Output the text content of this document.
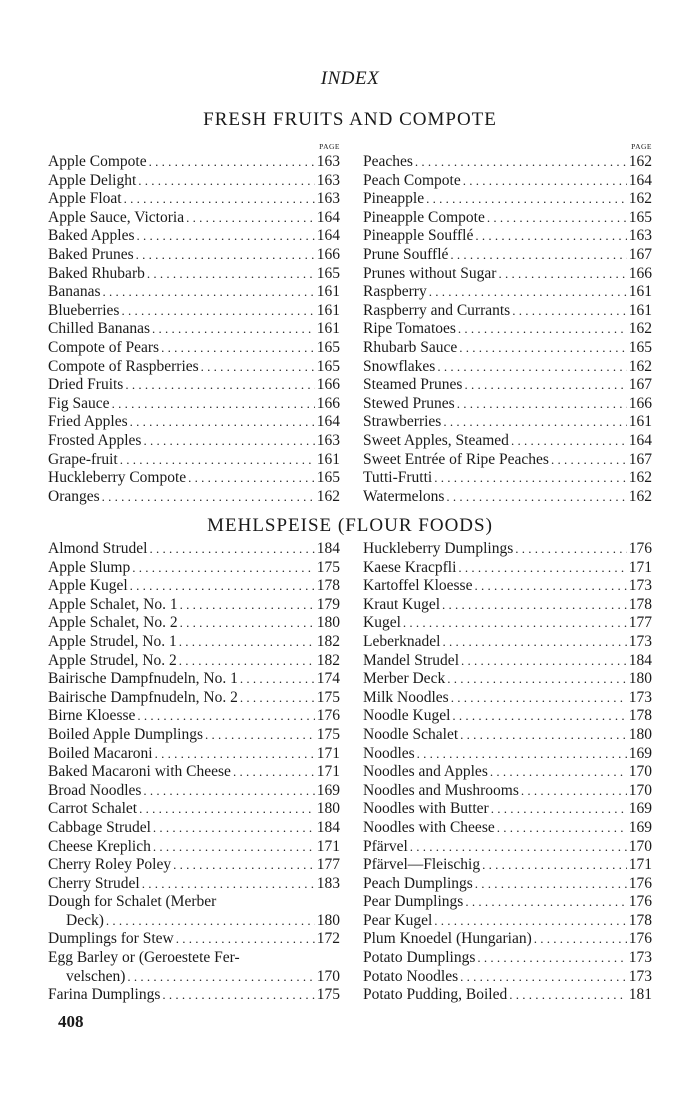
INDEX
FRESH FRUITS AND COMPOTE
PAGE
Apple Compote . . .	163
Apple Delight . . .	163
Apple Float . . .	163
Apple Sauce, Victoria . . .	164
Baked Apples . . .	164
Baked Prunes . . .	166
Baked Rhubarb . . .	165
Bananas . . .	161
Blueberries . . .	161
Chilled Bananas . . .	161
Compote of Pears . . .	165
Compote of Raspberries . . .	165
Dried Fruits . . .	166
Fig Sauce . . .	166
Fried Apples . . .	164
Frosted Apples . . .	163
Grape-fruit . . .	161
Huckleberry Compote . . .	165
Oranges . . .	162
PAGE
Peaches . . .	162
Peach Compote . . .	164
Pineapple . . .	162
Pineapple Compote . . .	165
Pineapple Soufflé . . .	163
Prune Soufflé . . .	167
Prunes without Sugar . . .	166
Raspberry . . .	161
Raspberry and Currants . . .	161
Ripe Tomatoes . . .	162
Rhubarb Sauce . . .	165
Snowflakes . . .	162
Steamed Prunes . . .	167
Stewed Prunes . . .	166
Strawberries . . .	161
Sweet Apples, Steamed . . .	164
Sweet Entrée of Ripe Peaches . . .	167
Tutti-Frutti . . .	162
Watermelons . . .	162
MEHLSPEISE (FLOUR FOODS)
Almond Strudel . . .	184
Apple Slump . . .	175
Apple Kugel . . .	178
Apple Schalet, No. 1 . . .	179
Apple Schalet, No. 2 . . .	180
Apple Strudel, No. 1 . . .	182
Apple Strudel, No. 2 . . .	182
Bairische Dampfnudeln, No. 1 . . .	174
Bairische Dampfnudeln, No. 2 . . .	175
Birne Kloesse . . .	176
Boiled Apple Dumplings . . .	175
Boiled Macaroni . . .	171
Baked Macaroni with Cheese . . .	171
Broad Noodles . . .	169
Carrot Schalet . . .	180
Cabbage Strudel . . .	184
Cheese Kreplich . . .	171
Cherry Roley Poley . . .	177
Cherry Strudel . . .	183
Dough for Schalet (Merber
Deck) . . .	180
Dumplings for Stew . . .	172
Egg Barley or (Geroestete Fer-
velschen) . . .	170
Farina Dumplings . . .	175
Huckleberry Dumplings . . .	176
Kaese Kracpfli . . .	171
Kartoffel Kloesse . . .	173
Kraut Kugel . . .	178
Kugel . . .	177
Leberknadel . . .	173
Mandel Strudel . . .	184
Merber Deck . . .	180
Milk Noodles . . .	173
Noodle Kugel . . .	178
Noodle Schalet . . .	180
Noodles . . .	169
Noodles and Apples . . .	170
Noodles and Mushrooms . . .	170
Noodles with Butter . . .	169
Noodles with Cheese . . .	169
Pfärvel . . .	170
Pfärvel—Fleischig . . .	171
Peach Dumplings . . .	176
Pear Dumplings . . .	176
Pear Kugel . . .	178
Plum Knoedel (Hungarian) . . .	176
Potato Dumplings . . .	173
Potato Noodles . . .	173
Potato Pudding, Boiled . . .	181
408
